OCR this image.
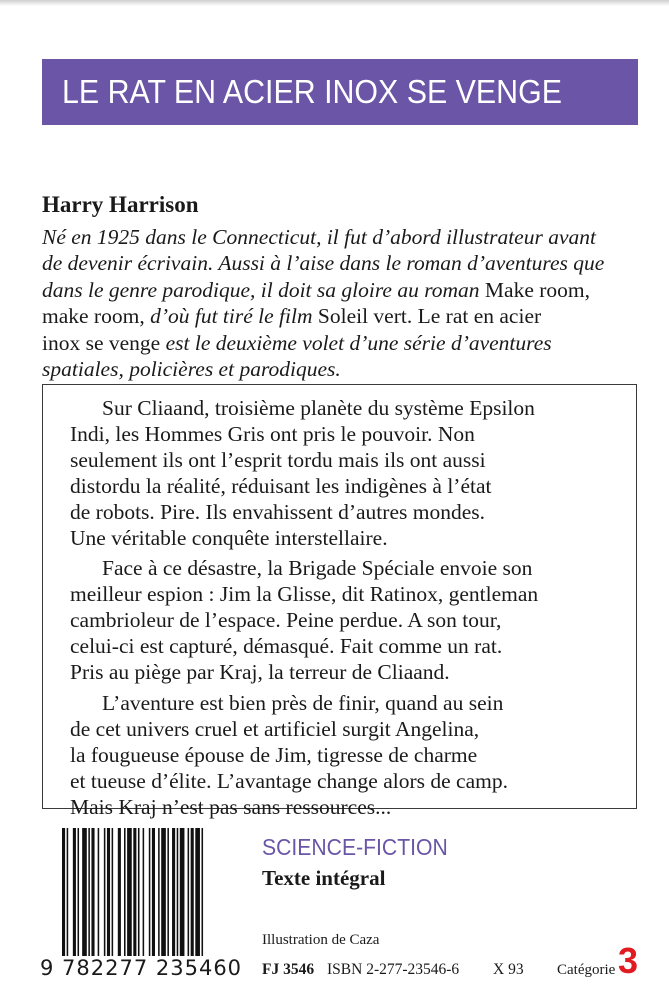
LE RAT EN ACIER INOX SE VENGE
Harry Harrison
Né en 1925 dans le Connecticut, il fut d’abord illustrateur avant
de devenir écrivain. Aussi à l’aise dans le roman d’aventures que
dans le genre parodique, il doit sa gloire au roman Make room,
make room, d’où fut tiré le film Soleil vert. Le rat en acier
inox se venge est le deuxième volet d’une série d’aventures
spatiales, policières et parodiques.
Sur Cliaand, troisième planète du système Epsilon
Indi, les Hommes Gris ont pris le pouvoir. Non
seulement ils ont l’esprit tordu mais ils ont aussi
distordu la réalité, réduisant les indigènes à l’état
de robots. Pire. Ils envahissent d’autres mondes.
Une véritable conquête interstellaire.
Face à ce désastre, la Brigade Spéciale envoie son
meilleur espion : Jim la Glisse, dit Ratinox, gentleman
cambrioleur de l’espace. Peine perdue. A son tour,
celui-ci est capturé, démasqué. Fait comme un rat.
Pris au piège par Kraj, la terreur de Cliaand.
L’aventure est bien près de finir, quand au sein
de cet univers cruel et artificiel surgit Angelina,
la fougueuse épouse de Jim, tigresse de charme
et tueuse d’élite. L’avantage change alors de camp.
Mais Kraj n’est pas sans ressources...
9 782277 235460
SCIENCE-FICTION
Texte intégral
Illustration de Caza
FJ 3546 ISBN 2-277-23546-6 X 93 Catégorie 3
